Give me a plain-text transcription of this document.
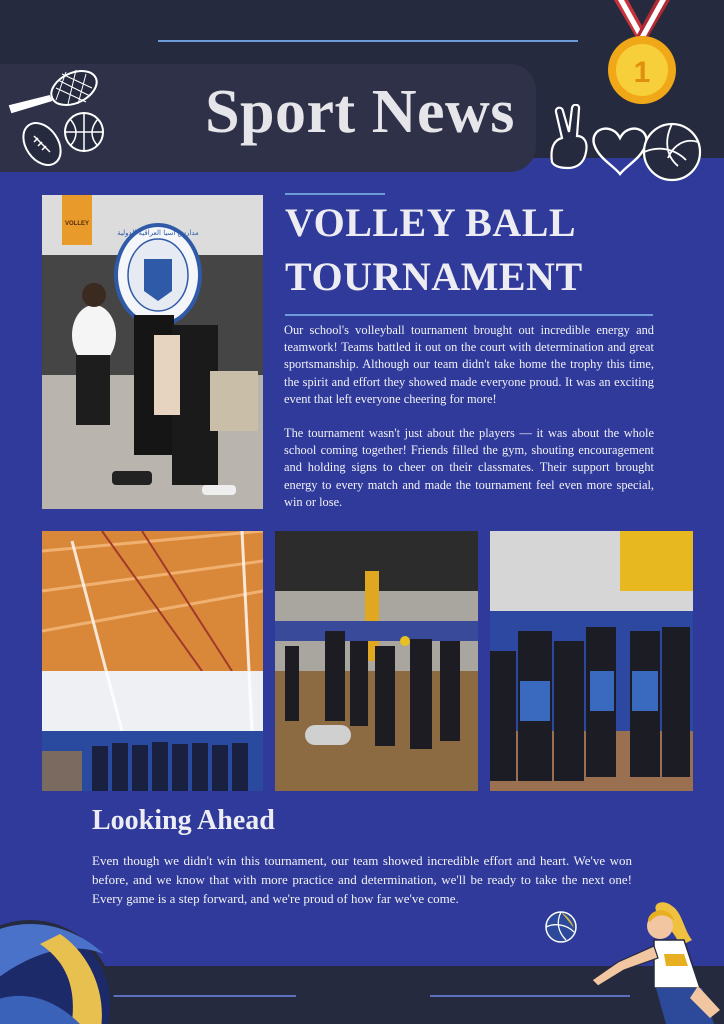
Sport News
1
VOLLEY
مدارس آسيا العراقية الدولية VOLLEY BALL
TOURNAMENT
Our school's volleyball tournament brought out incredible energy and teamwork! Teams battled it out on the court with determination and great sportsmanship. Although our team didn't take home the trophy this time, the spirit and effort they showed made everyone proud. It was an exciting event that left everyone cheering for more!
The tournament wasn't just about the players — it was about the whole school coming together! Friends filled the gym, shouting encouragement and holding signs to cheer on their classmates. Their support brought energy to every match and made the tournament feel even more special, win or lose.
Looking Ahead
Even though we didn't win this tournament, our team showed incredible effort and heart. We've won before, and we know that with more practice and determination, we'll be ready to take the next one! Every game is a step forward, and we're proud of how far we've come.
